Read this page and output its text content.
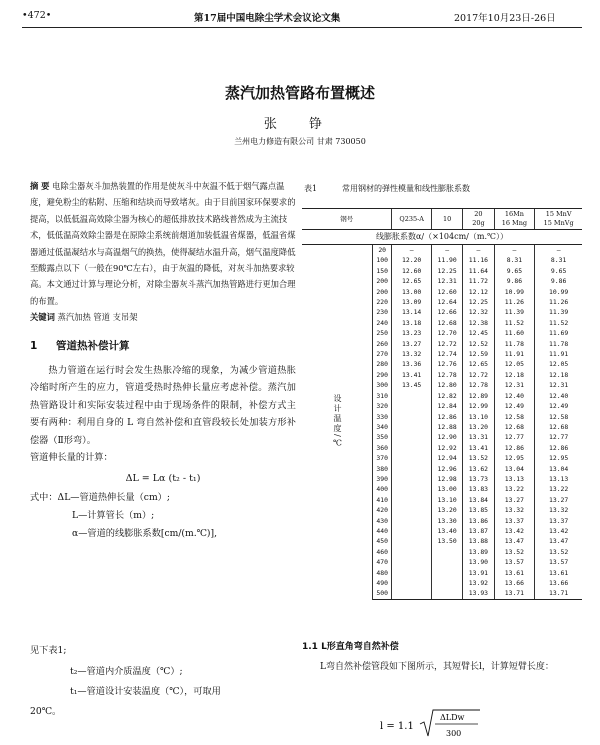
•472•	第17届中国电除尘学术会议论文集	2017年10月23日-26日
蒸汽加热管路布置概述
张 铮
兰州电力修造有限公司 甘肃 730050

摘 要 电除尘器灰斗加热装置的作用是使灰斗中灰温不低于烟气露点温度，避免粉尘的粘附、压缩和结块而导致堵灰。由于目前国家环保要求的提高，以低低温高效除尘器为核心的超低排放技术路线普然成为主流技术，低低温高效除尘器是在原除尘系统前烟道加装低温省煤器，低温省煤器通过低温凝结水与高温烟气的换热，使得凝结水温升高，烟气温度降低至酸露点以下（一般在90℃左右），由于灰温的降低，对灰斗加热要求较高。本文通过计算与理论分析，对除尘器灰斗蒸汽加热管路进行更加合理的布置。

关键词 蒸汽加热 管道 支吊架

1 管道热补偿计算

热力管道在运行时会发生热胀冷缩的现象，为减少管道热胀冷缩时所产生的应力，管道受热时热伸长量应考虑补偿。蒸汽加热管路设计和实际安装过程中由于现场条件的限制，补偿方式主要有两种：利用自身的 L 弯自然补偿和直管段较长处加装方形补偿器（Ⅱ形弯）。

管道伸长量的计算：

ΔL = Lα (t₂ - t₁)
式中：ΔL—管道热伸长量（cm）;
L—计算管长（m）;
α—管道的线膨胀系数[cm/(m.℃)],
见下表1;
t₂—管道内介质温度（℃）;
t₁—管道设计安装温度（℃），可取用
20℃。
表1	常用钢材的弹性模量和线性膨胀系数
钢号		Q235-A	10	20
20g	16Mn
16 Mng	15 MnV
15 MnVg
线膨胀系数α/（×104cm/（m.℃））						
设计温度/℃	20	–	–	–	–	–
	100	12.20	11.90	11.16	8.31	8.31
	150	12.60	12.25	11.64	9.65	9.65
	200	12.65	12.31	11.72	9.86	9.86
	200	13.00	12.60	12.12	10.99	10.99
	220	13.09	12.64	12.25	11.26	11.26
	230	13.14	12.66	12.32	11.39	11.39
	240	13.18	12.68	12.38	11.52	11.52
	250	13.23	12.70	12.45	11.60	11.69
	260	13.27	12.72	12.52	11.78	11.78
	270	13.32	12.74	12.59	11.91	11.91
	280	13.36	12.76	12.65	12.05	12.05
	290	13.41	12.78	12.72	12.18	12.18
	300	13.45	12.80	12.78	12.31	12.31
	310		12.82	12.89	12.40	12.40
	320		12.84	12.99	12.49	12.49
	330		12.86	13.10	12.58	12.58
	340		12.88	13.20	12.68	12.68
	350		12.90	13.31	12.77	12.77
	360		12.92	13.41	12.86	12.86
	370		12.94	13.52	12.95	12.95
	380		12.96	13.62	13.04	13.04
	390		12.98	13.73	13.13	13.13
	400		13.00	13.83	13.22	13.22
	410		13.10	13.84	13.27	13.27
	420		13.20	13.85	13.32	13.32
	430		13.30	13.86	13.37	13.37
	440		13.40	13.87	13.42	13.42
	450		13.50	13.88	13.47	13.47
	460			13.89	13.52	13.52
	470			13.90	13.57	13.57
	480			13.91	13.61	13.61
	490			13.92	13.66	13.66
	500			13.93	13.71	13.71
1.1 L形直角弯自然补偿

L弯自然补偿管段如下图所示，其短臂长l，计算短臂长度：

l = 1.1
ΔLDw
300
